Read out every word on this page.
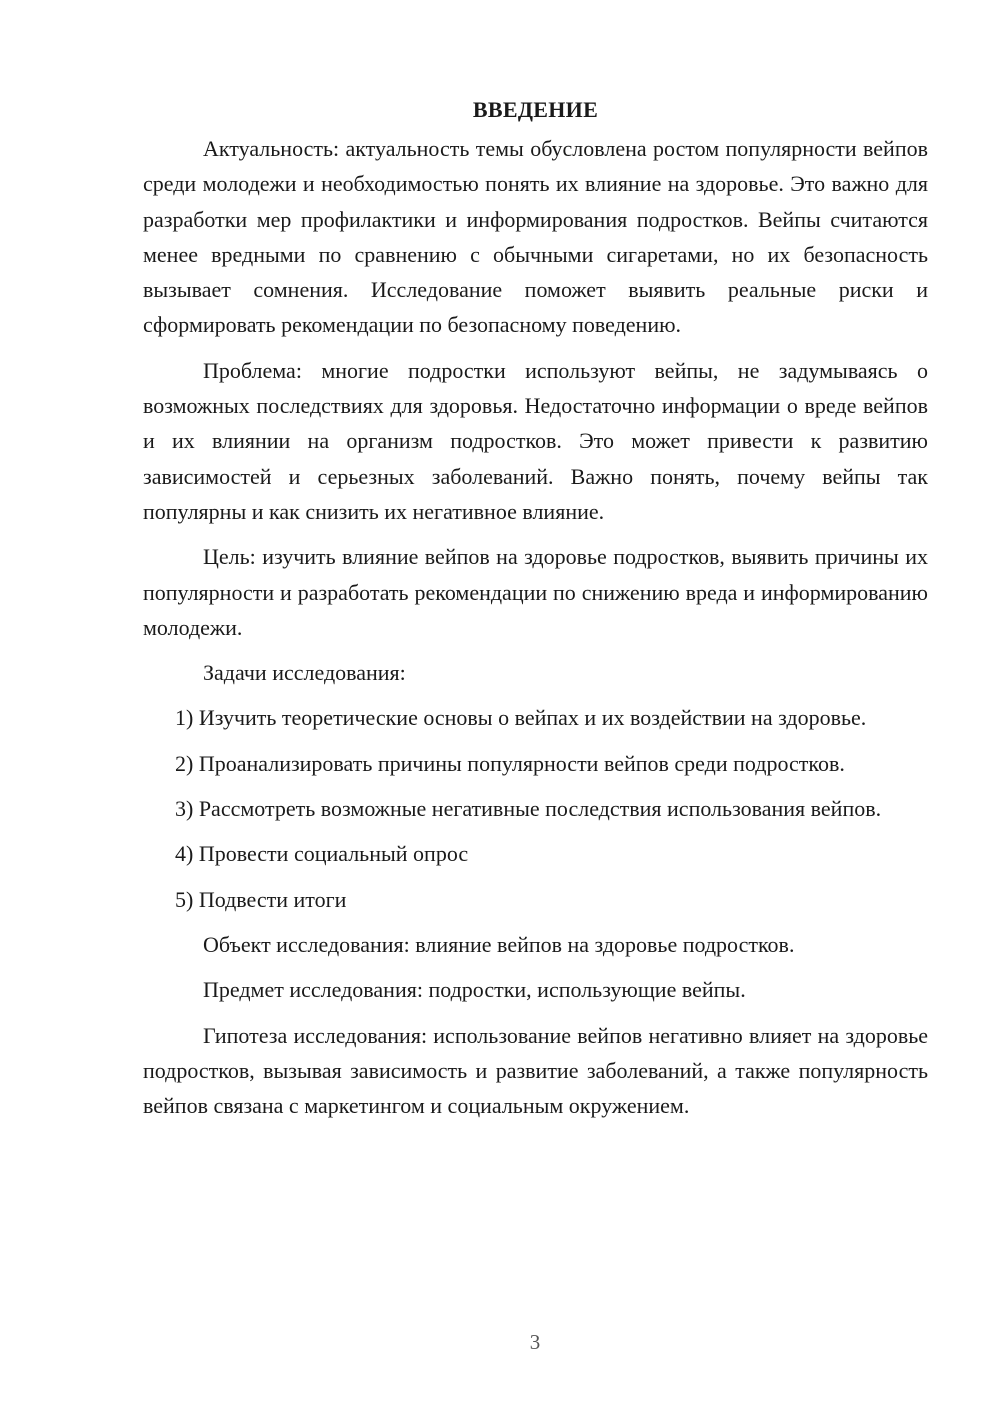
ВВЕДЕНИЕ

Актуальность: актуальность темы обусловлена ростом популярности вейпов среди молодежи и необходимостью понять их влияние на здоровье. Это важно для разработки мер профилактики и информирования подростков. Вейпы считаются менее вредными по сравнению с обычными сигаретами, но их безопасность вызывает сомнения. Исследование поможет выявить реальные риски и сформировать рекомендации по безопасному поведению.

Проблема: многие подростки используют вейпы, не задумываясь о возможных последствиях для здоровья. Недостаточно информации о вреде вейпов и их влиянии на организм подростков. Это может привести к развитию зависимостей и серьезных заболеваний. Важно понять, почему вейпы так популярны и как снизить их негативное влияние.

Цель: изучить влияние вейпов на здоровье подростков, выявить причины их популярности и разработать рекомендации по снижению вреда и информированию молодежи.

Задачи исследования:

1) Изучить теоретические основы о вейпах и их воздействии на здоровье.

2) Проанализировать причины популярности вейпов среди подростков.

3) Рассмотреть возможные негативные последствия использования вейпов.

4) Провести социальный опрос

5) Подвести итоги

Объект исследования: влияние вейпов на здоровье подростков.

Предмет исследования: подростки, использующие вейпы.

Гипотеза исследования: использование вейпов негативно влияет на здоровье подростков, вызывая зависимость и развитие заболеваний, а также популярность вейпов связана с маркетингом и социальным окружением.

3
